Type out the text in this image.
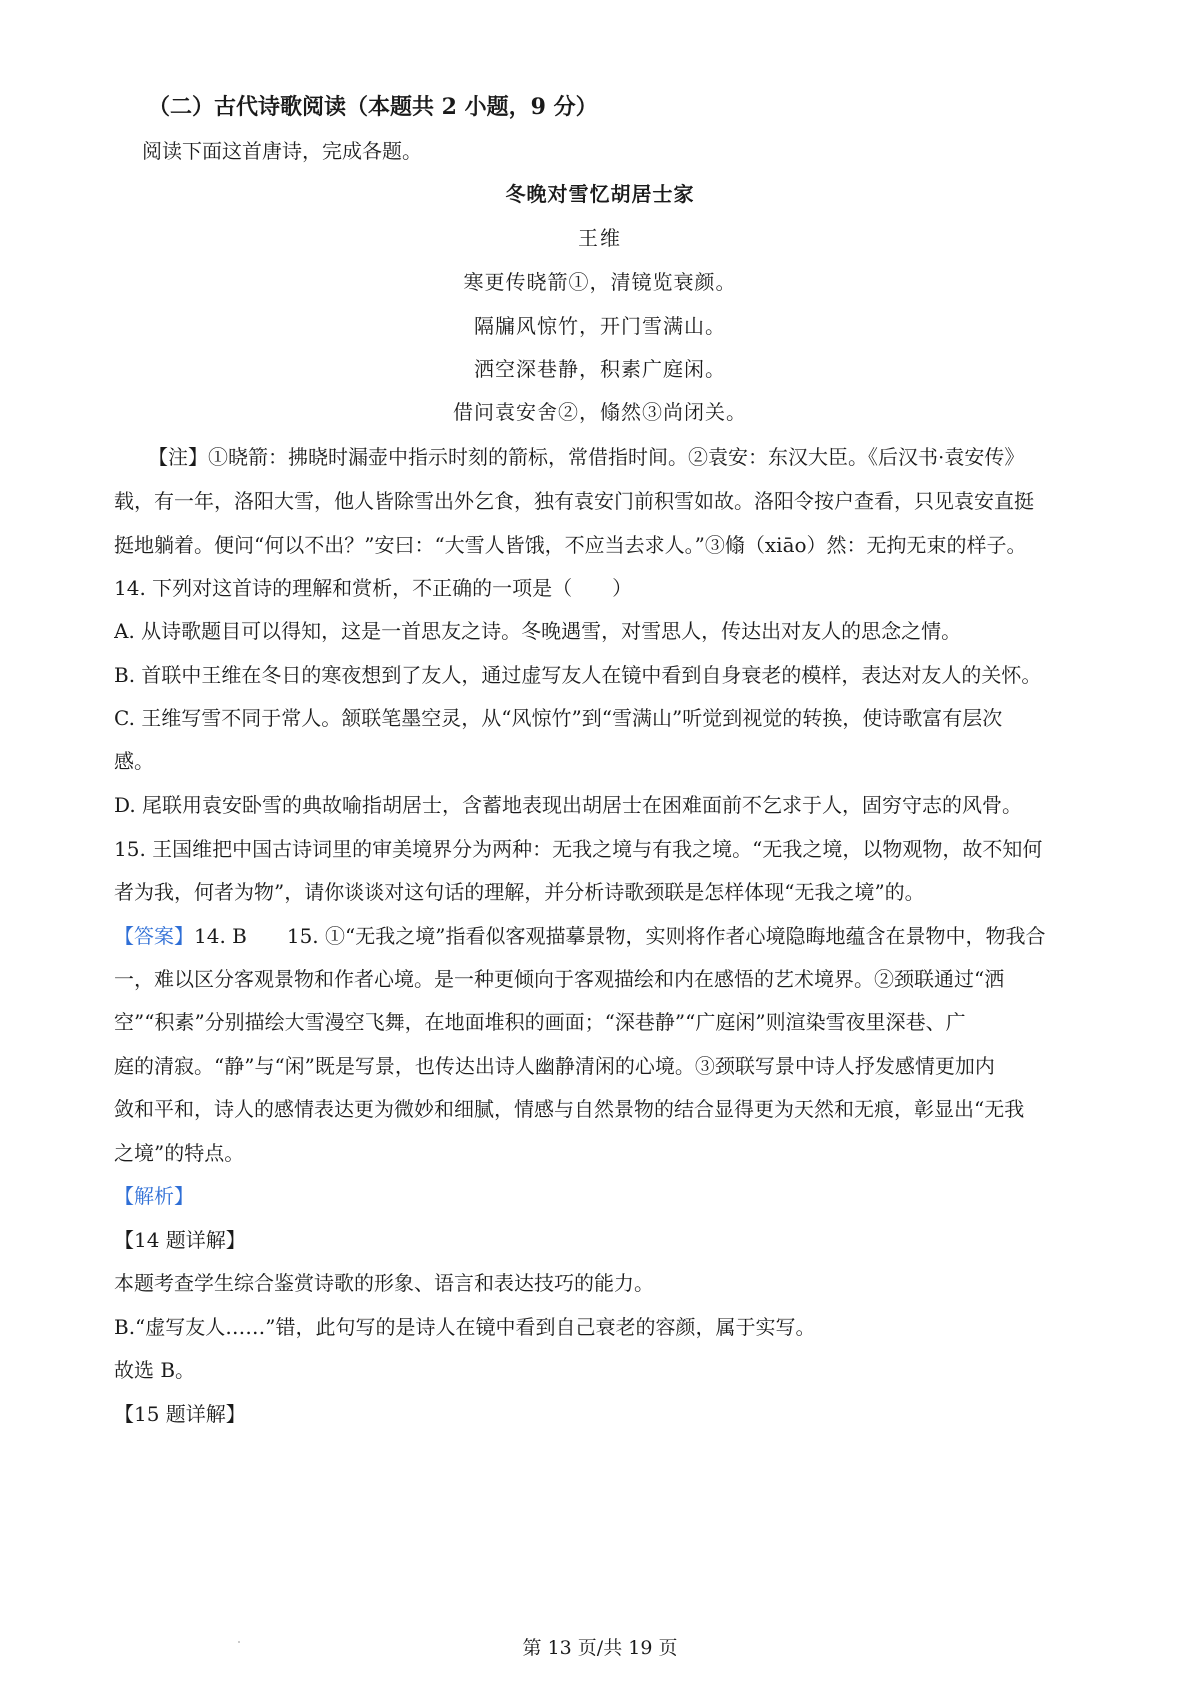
（二）古代诗歌阅读（本题共 2 小题，9 分）
阅读下面这首唐诗，完成各题。
冬晚对雪忆胡居士家
王维
寒更传晓箭①，清镜览衰颜。
隔牖风惊竹，开门雪满山。
洒空深巷静，积素广庭闲。
借问袁安舍②，翛然③尚闭关。
【注】①晓箭：拂晓时漏壶中指示时刻的箭标，常借指时间。②袁安：东汉大臣。《后汉书·袁安传》
载，有一年，洛阳大雪，他人皆除雪出外乞食，独有袁安门前积雪如故。洛阳令按户查看，只见袁安直挺
挺地躺着。便问“何以不出？”安曰：“大雪人皆饿，不应当去求人。”③翛（xiāo）然：无拘无束的样子。
14. 下列对这首诗的理解和赏析，不正确的一项是（　　）
A. 从诗歌题目可以得知，这是一首思友之诗。冬晚遇雪，对雪思人，传达出对友人的思念之情。
B. 首联中王维在冬日的寒夜想到了友人，通过虚写友人在镜中看到自身衰老的模样，表达对友人的关怀。
C. 王维写雪不同于常人。颔联笔墨空灵，从“风惊竹”到“雪满山”听觉到视觉的转换，使诗歌富有层次
感。
D. 尾联用袁安卧雪的典故喻指胡居士，含蓄地表现出胡居士在困难面前不乞求于人，固穷守志的风骨。
15. 王国维把中国古诗词里的审美境界分为两种：无我之境与有我之境。“无我之境，以物观物，故不知何
者为我，何者为物”，请你谈谈对这句话的理解，并分析诗歌颈联是怎样体现“无我之境”的。
【答案】14. B　　15. ①“无我之境”指看似客观描摹景物，实则将作者心境隐晦地蕴含在景物中，物我合
一，难以区分客观景物和作者心境。是一种更倾向于客观描绘和内在感悟的艺术境界。②颈联通过“洒
空”“积素”分别描绘大雪漫空飞舞，在地面堆积的画面；“深巷静”“广庭闲”则渲染雪夜里深巷、广
庭的清寂。“静”与“闲”既是写景，也传达出诗人幽静清闲的心境。③颈联写景中诗人抒发感情更加内
敛和平和，诗人的感情表达更为微妙和细腻，情感与自然景物的结合显得更为天然和无痕，彰显出“无我
之境”的特点。
【解析】
【14 题详解】
本题考查学生综合鉴赏诗歌的形象、语言和表达技巧的能力。
B.“虚写友人……”错，此句写的是诗人在镜中看到自己衰老的容颜，属于实写。
故选 B。
【15 题详解】
第 13 页/共 19 页
